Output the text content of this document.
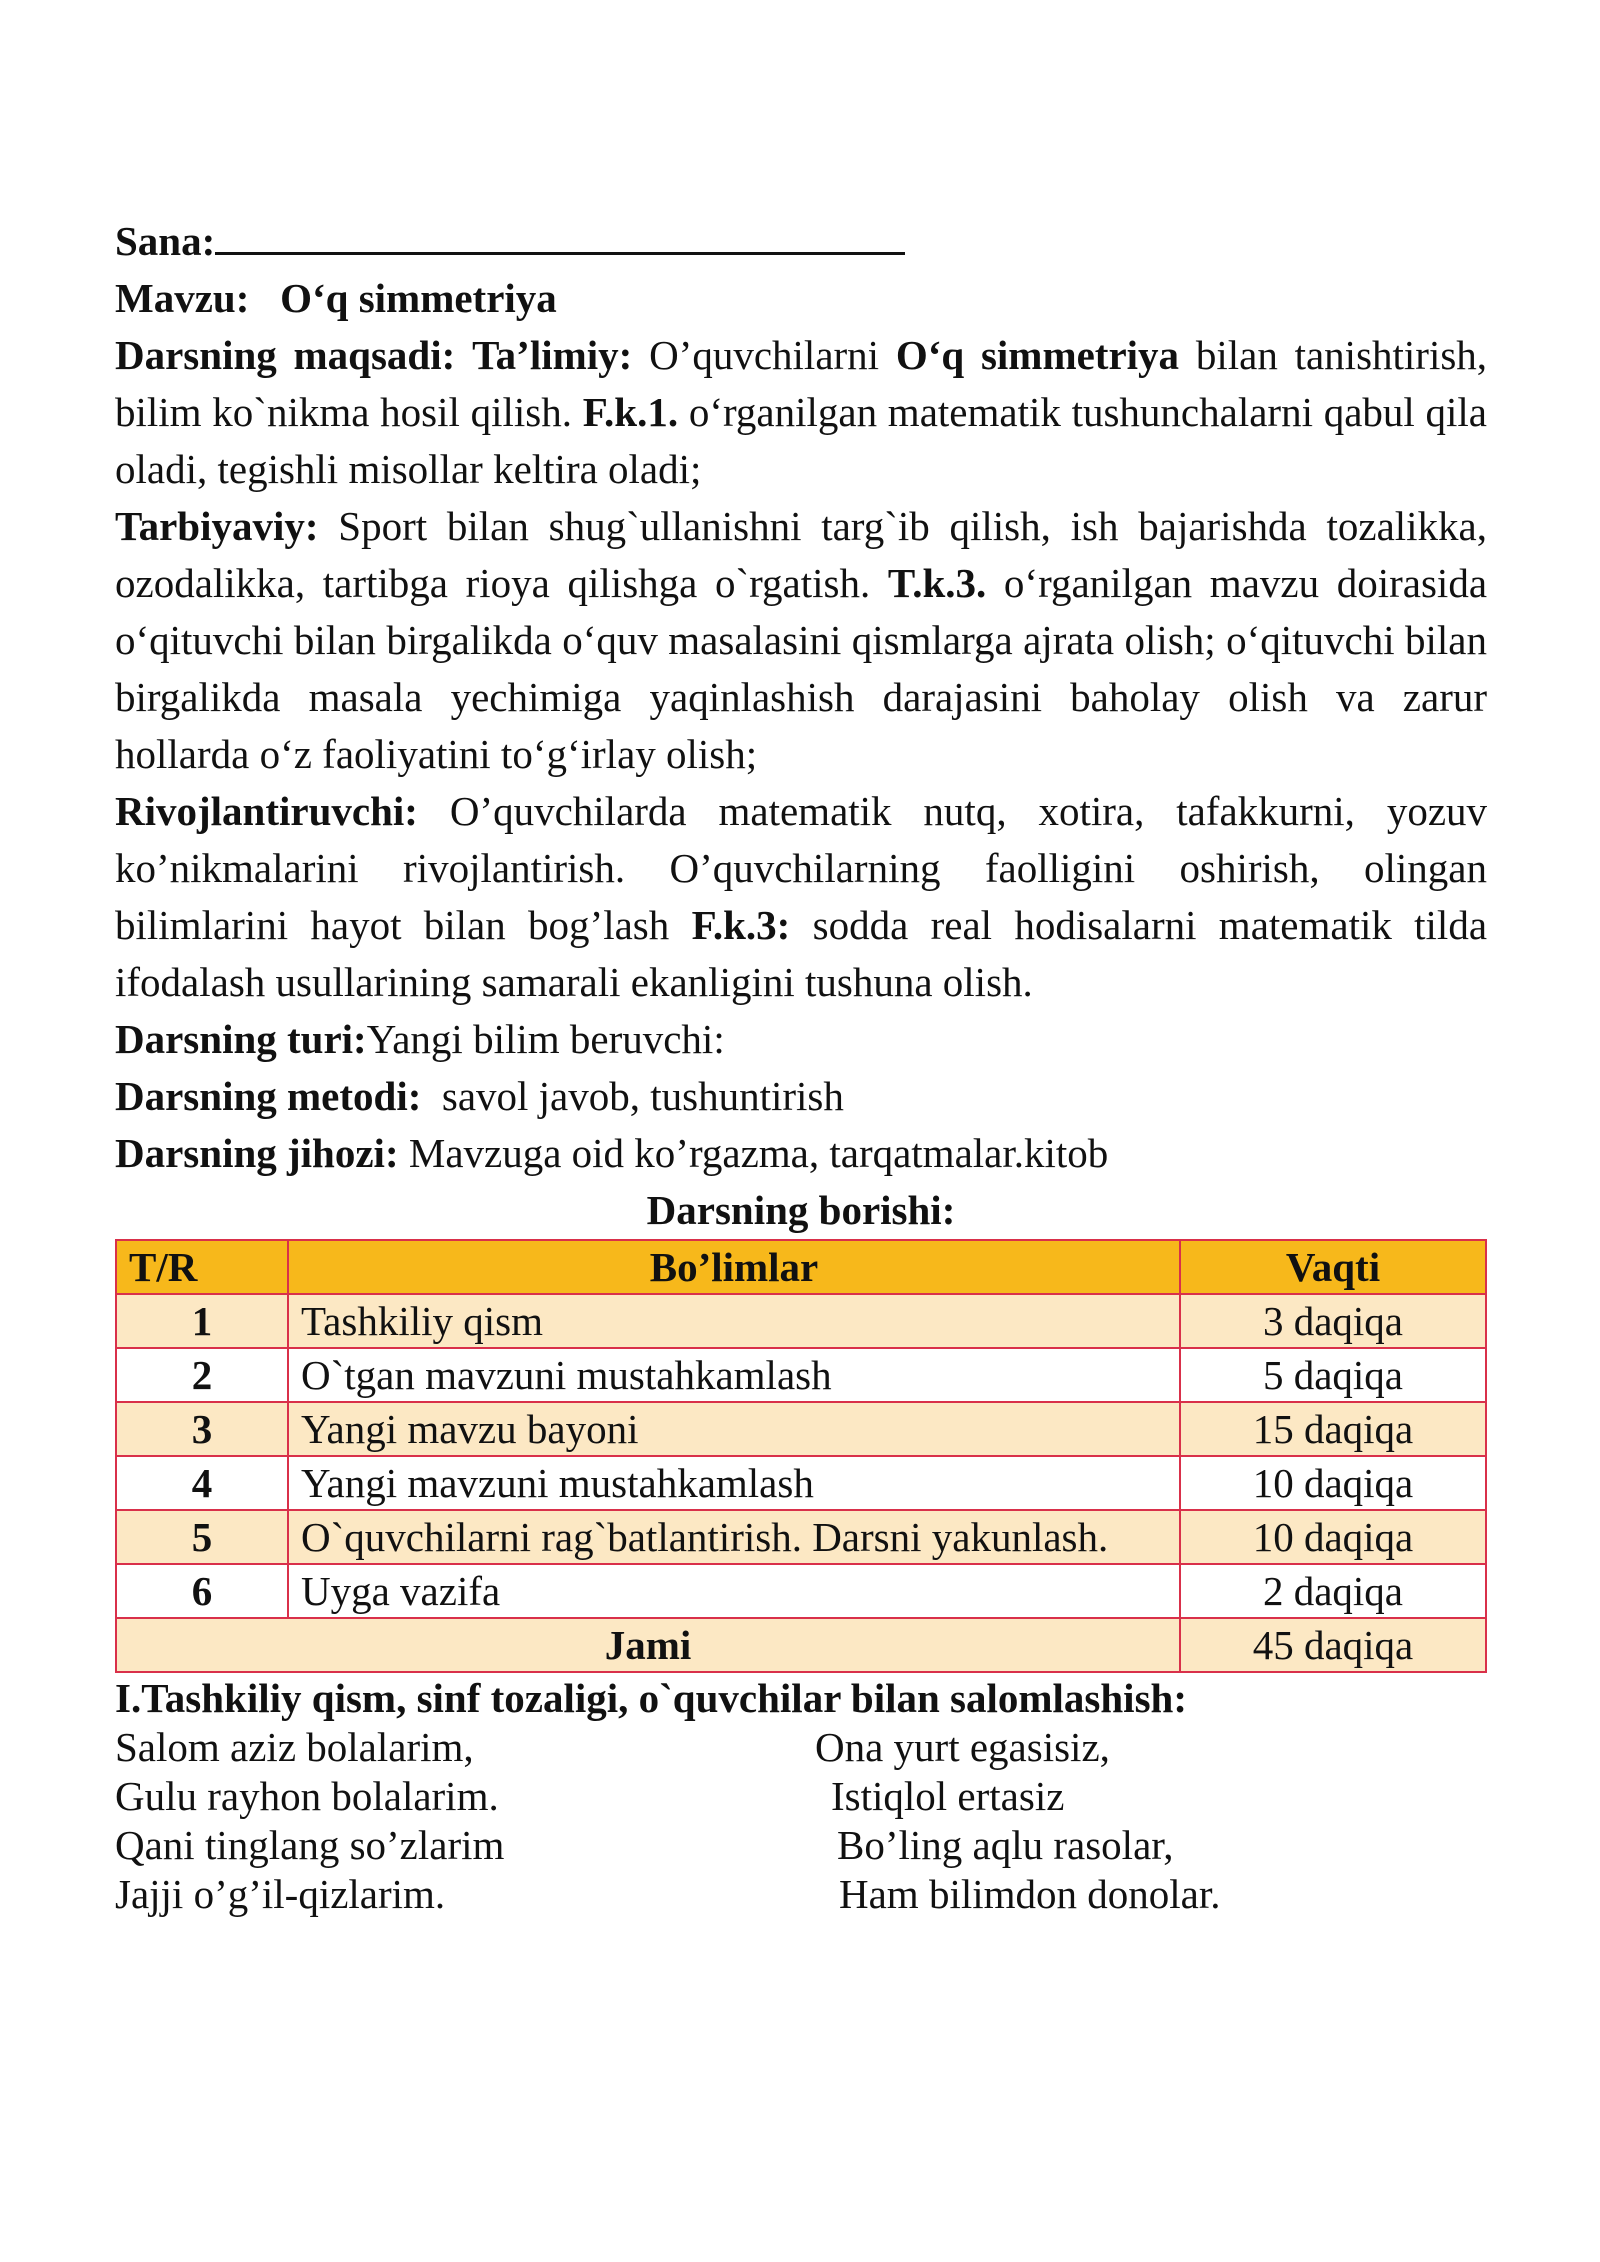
Sana:

Mavzu: O‘q simmetriya

Darsning maqsadi: Ta’limiy: O’quvchilarni O‘q simmetriya bilan tanishtirish, bilim ko`nikma hosil qilish. F.k.1. o‘rganilgan matematik tushunchalarni qabul qila oladi, tegishli misollar keltira oladi;

Tarbiyaviy: Sport bilan shug`ullanishni targ`ib qilish, ish bajarishda tozalikka, ozodalikka, tartibga rioya qilishga o`rgatish. T.k.3. o‘rganilgan mavzu doirasida o‘qituvchi bilan birgalikda o‘quv masalasini qismlarga ajrata olish; o‘qituvchi bilan birgalikda masala yechimiga yaqinlashish darajasini baholay olish va zarur hollarda o‘z faoliyatini to‘g‘irlay olish;

Rivojlantiruvchi: O’quvchilarda matematik nutq, xotira, tafakkurni, yozuv ko’nikmalarini rivojlantirish. O’quvchilarning faolligini oshirish, olingan bilimlarini hayot bilan bog’lash F.k.3: sodda real hodisalarni matematik tilda ifodalash usullarining samarali ekanligini tushuna olish.

Darsning turi:Yangi bilim beruvchi:

Darsning metodi:  savol javob, tushuntirish

Darsning jihozi: Mavzuga oid ko’rgazma, tarqatmalar.kitob

Darsning borishi:

T/R	Bo’limlar	Vaqti
1	Tashkiliy qism	3 daqiqa
2	O`tgan mavzuni mustahkamlash	5 daqiqa
3	Yangi mavzu bayoni	15 daqiqa
4	Yangi mavzuni mustahkamlash	10 daqiqa
5	O`quvchilarni rag`batlantirish. Darsni yakunlash.	10 daqiqa
6	Uyga vazifa	2 daqiqa
Jami		45 daqiqa

I.Tashkiliy qism, sinf tozaligi, o`quvchilar bilan salomlashish:

Salom aziz bolalarim,
Gulu rayhon bolalarim.
Qani tinglang so’zlarim
Jajji o’g’il-qizlarim.
Ona yurt egasisiz,
Istiqlol ertasiz
Bo’ling aqlu rasolar,
Ham bilimdon donolar.
